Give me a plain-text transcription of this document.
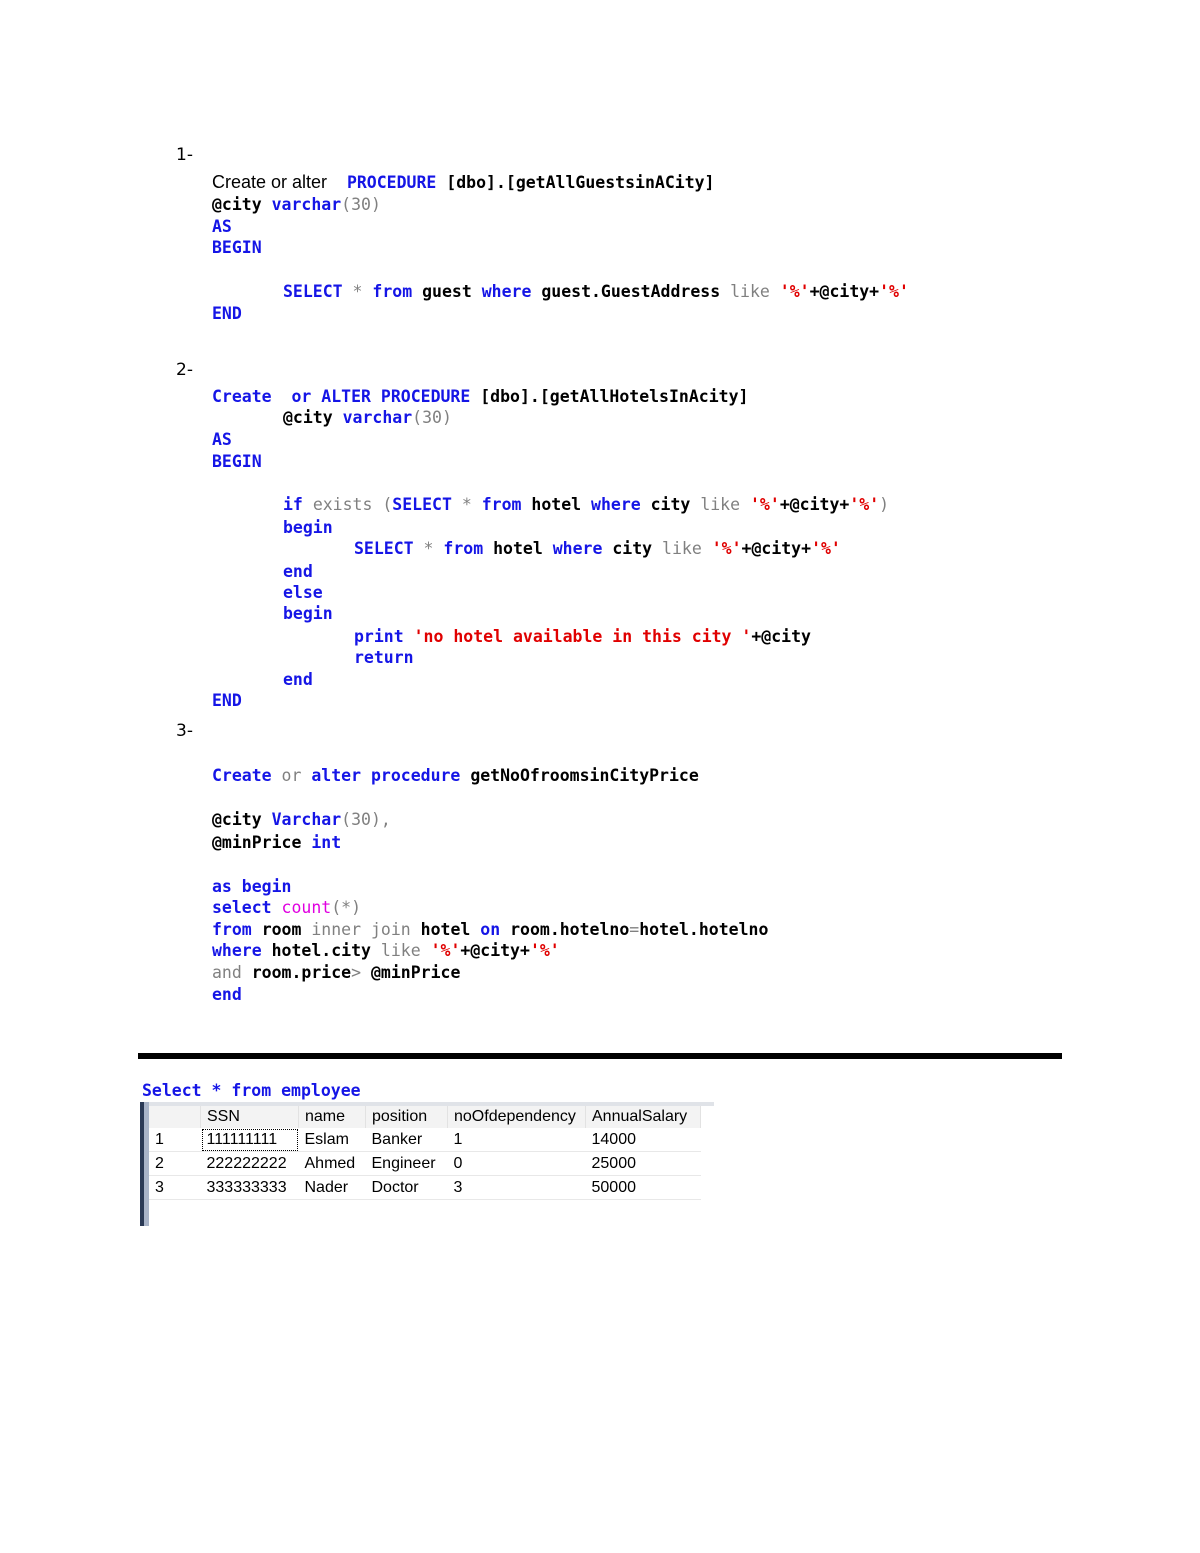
1-
Create or alter PROCEDURE [dbo].[getAllGuestsinACity]
@city varchar(30)
AS
BEGIN
SELECT * from guest where guest.GuestAddress like '%'+@city+'%'
END
2-
Create or ALTER PROCEDURE [dbo].[getAllHotelsInAcity]
@city varchar(30)
AS
BEGIN
if exists (SELECT * from hotel where city like '%'+@city+'%')
begin
SELECT * from hotel where city like '%'+@city+'%'
end
else
begin
print 'no hotel available in this city '+@city
return
end
END
3-
Create or alter procedure getNoOfroomsinCityPrice
@city Varchar(30),
@minPrice int
as begin
select count(*)
from room inner join hotel on room.hotelno=hotel.hotelno
where hotel.city like '%'+@city+'%'
and room.price> @minPrice
end
Select * from employee
	SSN	name	position	noOfdependency	AnnualSalary
1	111111111	Eslam	Banker	1	14000
2	222222222	Ahmed	Engineer	0	25000
3	333333333	Nader	Doctor	3	50000
